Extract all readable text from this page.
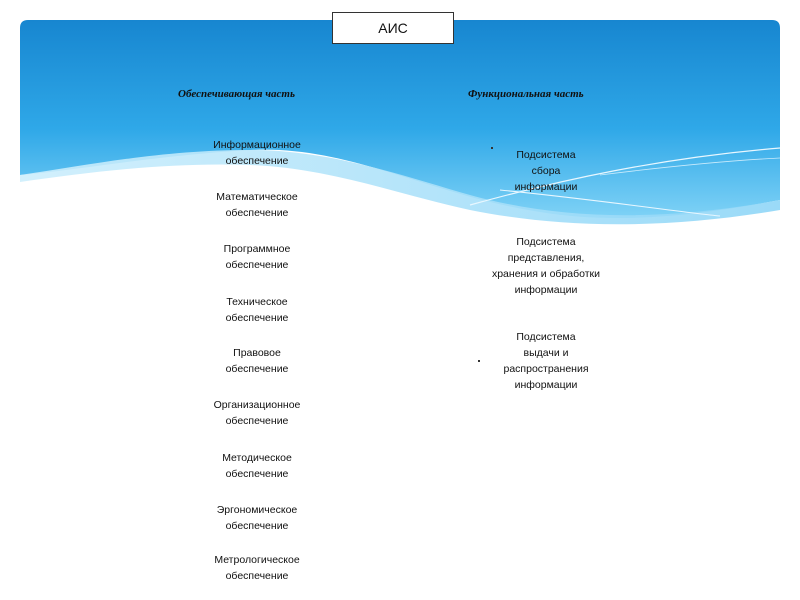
АИС
Обеспечивающая часть	Функциональная часть
Информационное
обеспечение
Математическое
обеспечение
Программное
обеспечение
Техническое
обеспечение
Правовое
обеспечение
Организационное
обеспечение
Методическое
обеспечение
Эргономическое
обеспечение
Метрологическое
обеспечение
Подсистема
сбора
информации
Подсистема
представления,
хранения и обработки
информации
Подсистема
выдачи и
распространения
информации
